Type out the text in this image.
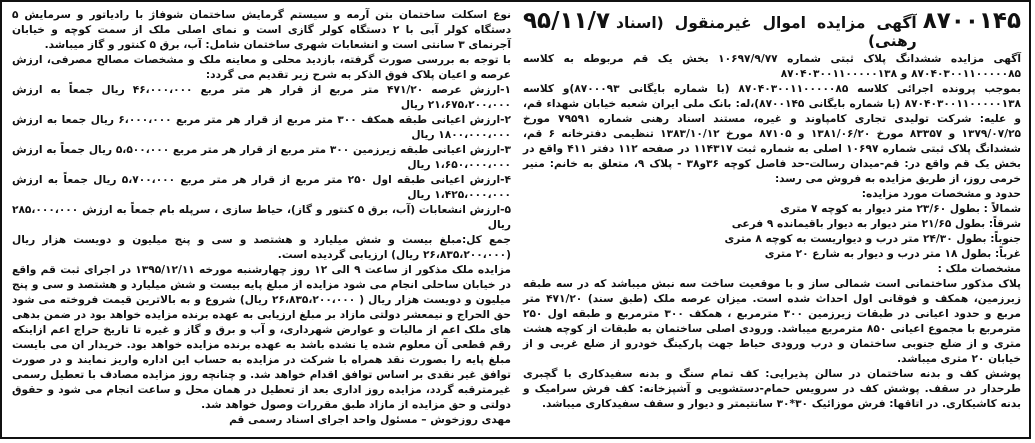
۸۷۰۰۱۴۵
آگهی مزایده اموال غیرمنقول (اسناد رهنی)
۹۵/۱۱/۷

آگهی مزایده ششدانگ پلاک ثبتی شماره ۱۰۶۹۷/۹/۷۷ بخش یک قم مربوطه به کلاسه ۸۷۰۴۰۳۰۰۱۱۰۰۰۰۰۸۵ و ۸۷۰۴۰۳۰۰۱۱۰۰۰۰۰۱۳۸

بموجب پرونده اجرائی کلاسه ۸۷۰۴۰۳۰۰۱۱۰۰۰۰۰۸۵ (با شماره بایگانی ۸۷۰۰۰۹۳)و کلاسه ۸۷۰۴۰۳۰۰۱۱۰۰۰۰۰۱۳۸ (با شماره بایگانی ۸۷۰۰۱۴۵)،له: بانک ملی ایران شعبه خیابان شهداء قم، و علیه: شرکت تولیدی تجاری کامپاوند و غیره، مستند اسناد رهنی شماره ۷۹۵۹۱ مورخ ۱۳۷۹/۰۷/۲۵ و ۸۳۳۵۷ مورخ ۱۳۸۱/۰۶/۲۰ و ۸۷۱۰۵ مورخ ۱۳۸۳/۱۰/۱۲ تنظیمی دفترخانه ۶ قم، ششدانگ پلاک ثبتی شماره ۱۰۶۹۷ اصلی به شماره ثبت ۱۱۴۳۱۷ در صفحه ۱۱۲ دفتر ۴۱۱ واقع در بخش یک قم واقع در: قم-میدان رسالت-حد فاصل کوچه ۳۶و۳۸ - پلاک ۹، متعلق به خانم: منیر خرمی روز، از طریق مزایده به فروش می رسد:

حدود و مشخصات مورد مزایده:

شمالاً : بطول ۲۳/۶۰ متر دیوار به کوچه ۷ متری

شرقاً: بطول ۲۱/۶۵ متر دیوار به دیوار باقیمانده ۹ فرعی

جنوباً: بطول ۲۴/۳۰ متر درب و دیواریست به کوچه ۸ متری

غرباً: بطول ۱۸ متر درب و دیوار به شارع ۲۰ متری

مشخصات ملک :

پلاک مذکور ساختمانی است شمالی ساز و با موقعیت ساخت سه نبش میباشد که در سه طبقه زیرزمین، همکف و فوقانی اول احداث شده است. میزان عرصه ملک (طبق سند) ۴۷۱/۲۰ متر مربع و حدود اعیانی در طبقات زیرزمین ۳۰۰ مترمربع ، همکف ۳۰۰ مترمربع و طبقه اول ۲۵۰ مترمربع با مجموع اعیانی ۸۵۰ مترمربع میباشد. ورودی اصلی ساختمان به طبقات از کوچه هشت متری و از ضلع جنوبی ساختمان و درب ورودی حیاط جهت پارکینگ خودرو از ضلع غربی و از خیابان ۲۰ متری میباشد.

پوشش کف و بدنه ساختمان در سالن پذیرایی: کف تمام سنگ و بدنه سفیدکاری با گچبری طرحدار در سقف. پوشش کف در سرویس حمام-دستشویی و آشپزخانه: کف فرش سرامیک و بدنه کاشیکاری. در اتاقها: فرش موزائیک ۳۰*۳۰ سانتیمتر و دیوار و سقف سفیدکاری میباشد.

نوع اسکلت ساختمان بتن آرمه و سیستم گرمایش ساختمان شوفاژ با رادیاتور و سرمایش ۵ دستگاه کولر آبی با ۲ دستگاه کولر گازی است و نمای اصلی ملک از سمت کوچه و خیابان آجرنمای ۳ سانتی است و انشعابات شهری ساختمان شامل: آب، برق ۵ کنتور و گاز میباشد.

با توجه به بررسی صورت گرفته، بازدید محلی و معاینه ملک و مشخصات مصالح مصرفی، ارزش عرصه و اعیان پلاک فوق الذکر به شرح زیر تقدیم می گردد:

۱-ارزش عرصه ۴۷۱/۲۰ متر مربع از قرار هر متر مربع ۴۶،۰۰۰،۰۰۰ ریال جمعاً به ارزش ۲۱،۶۷۵،۲۰۰،۰۰۰ ریال

۲-ارزش اعیانی طبقه همکف ۳۰۰ متر مربع از قرار هر متر مربع ۶،۰۰۰،۰۰۰ ریال جمعا به ارزش ۱۸۰۰،۰۰۰،۰۰۰ ریال

۳-ارزش اعیانی طبقه زیرزمین ۳۰۰ متر مربع از قرار هر متر مربع ۵،۵۰۰،۰۰۰ ریال جمعاً به ارزش ۱،۶۵۰،۰۰۰،۰۰۰ ریال

۴-ارزش اعیانی طبقه اول ۲۵۰ متر مربع از قرار هر متر مربع ۵،۷۰۰،۰۰۰ ریال جمعاً به ارزش ۱،۴۲۵،۰۰۰،۰۰۰ ریال

۵-ارزش انشعابات (آب، برق ۵ کنتور و گاز)، حیاط سازی ، سرپله بام جمعاً به ارزش ۲۸۵،۰۰۰،۰۰۰ ریال

جمع کل:مبلغ بیست و شش میلیارد و هشتصد و سی و پنج میلیون و دویست هزار ریال (۲۶،۸۳۵،۲۰۰،۰۰۰ ریال) ارزیابی گردیده است.

مزایده ملک مذکور از ساعت ۹ الی ۱۲ روز چهارشنبه مورخه ۱۳۹۵/۱۲/۱۱ در اجرای ثبت قم واقع در خیابان ساحلی انجام می شود مزایده از مبلغ پایه بیست و شش میلیارد و هشتصد و سی و پنج میلیون و دویست هزار ریال ( ۲۶،۸۳۵،۲۰۰،۰۰۰ ریال) شروع و به بالاترین قیمت فروخته می شود حق الحراج و نیمعشر دولتی مازاد بر مبلغ ارزیابی به عهده برنده مزایده خواهد بود در ضمن بدهی های ملک اعم از مالیات و عوارض شهرداری، و آب و برق و گاز و غیره تا تاریخ حراج اعم ازاینکه رقم قطعی آن معلوم شده یا نشده باشد به عهده برنده مزایده خواهد بود. خریدار ان می بایست مبلغ پایه را بصورت نقد همراه با شرکت در مزایده به حساب این اداره واریز نمایند و در صورت توافق غیر نقدی بر اساس توافق اقدام خواهد شد. و چنانچه روز مزایده مصادف با تعطیل رسمی غیرمترقبه گردد، مزایده روز اداری بعد از تعطیل در همان محل و ساعت انجام می شود و حقوق دولتی و حق مزایده از مازاد طبق مقررات وصول خواهد شد.

مهدی روزخوش – مسئول واحد اجرای اسناد رسمی قم
